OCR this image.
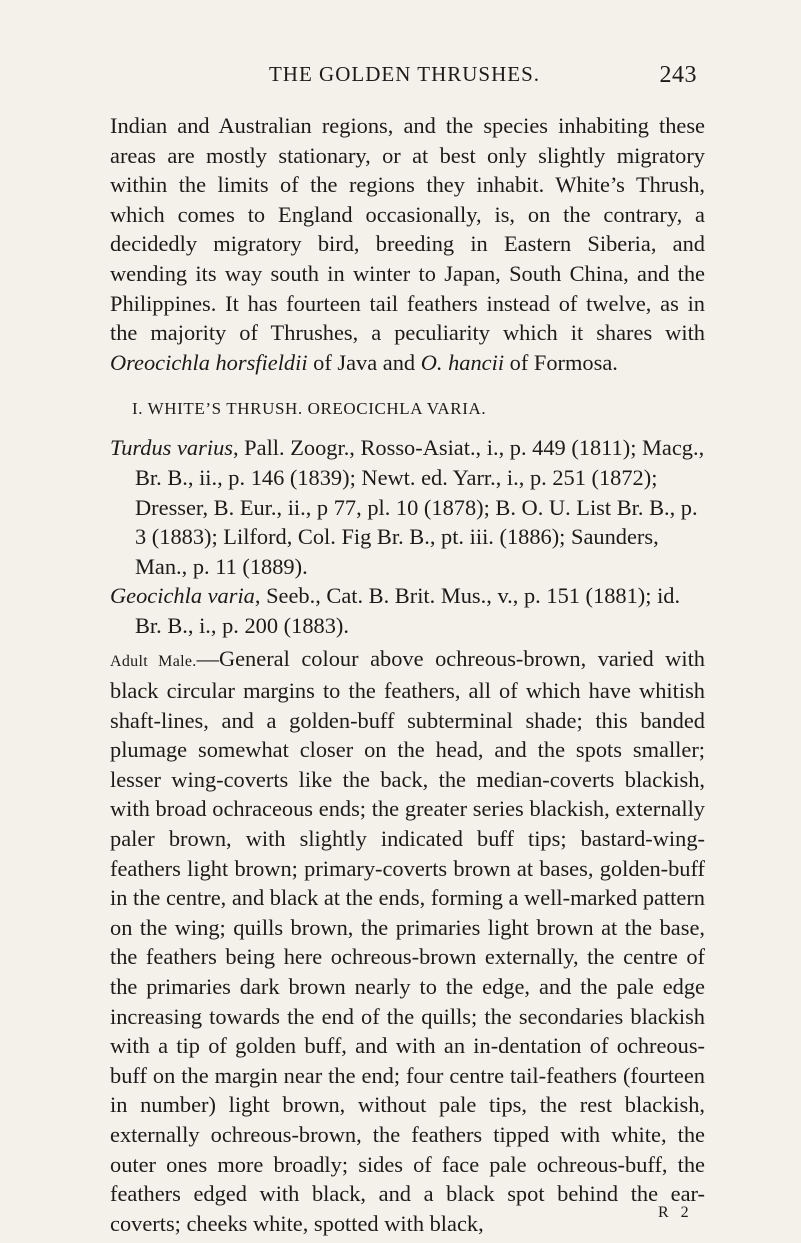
THE GOLDEN THRUSHES.	243

Indian and Australian regions, and the species inhabiting these areas are mostly stationary, or at best only slightly migratory within the limits of the regions they inhabit. White’s Thrush, which comes to England occasionally, is, on the contrary, a decidedly migratory bird, breeding in Eastern Siberia, and wending its way south in winter to Japan, South China, and the Philippines. It has fourteen tail feathers instead of twelve, as in the majority of Thrushes, a peculiarity which it shares with Oreocichla horsfieldii of Java and O. hancii of Formosa.

I. WHITE’S THRUSH. OREOCICHLA VARIA.

Turdus varius, Pall. Zoogr., Rosso-Asiat., i., p. 449 (1811); Macg., Br. B., ii., p. 146 (1839); Newt. ed. Yarr., i., p. 251 (1872); Dresser, B. Eur., ii., p 77, pl. 10 (1878); B. O. U. List Br. B., p. 3 (1883); Lilford, Col. Fig Br. B., pt. iii. (1886); Saunders, Man., p. 11 (1889).

Geocichla varia, Seeb., Cat. B. Brit. Mus., v., p. 151 (1881); id. Br. B., i., p. 200 (1883).

Adult Male.—General colour above ochreous-brown, varied with black circular margins to the feathers, all of which have whitish shaft-lines, and a golden-buff subterminal shade; this banded plumage somewhat closer on the head, and the spots smaller; lesser wing-coverts like the back, the median-coverts blackish, with broad ochraceous ends; the greater series blackish, externally paler brown, with slightly indicated buff tips; bastard-wing-feathers light brown; primary-coverts brown at bases, golden-buff in the centre, and black at the ends, forming a well-marked pattern on the wing; quills brown, the primaries light brown at the base, the feathers being here ochreous-brown externally, the centre of the primaries dark brown nearly to the edge, and the pale edge increasing towards the end of the quills; the secondaries blackish with a tip of golden buff, and with an in-dentation of ochreous-buff on the margin near the end; four centre tail-feathers (fourteen in number) light brown, without pale tips, the rest blackish, externally ochreous-brown, the feathers tipped with white, the outer ones more broadly; sides of face pale ochreous-buff, the feathers edged with black, and a black spot behind the ear-coverts; cheeks white, spotted with black,	R 2
